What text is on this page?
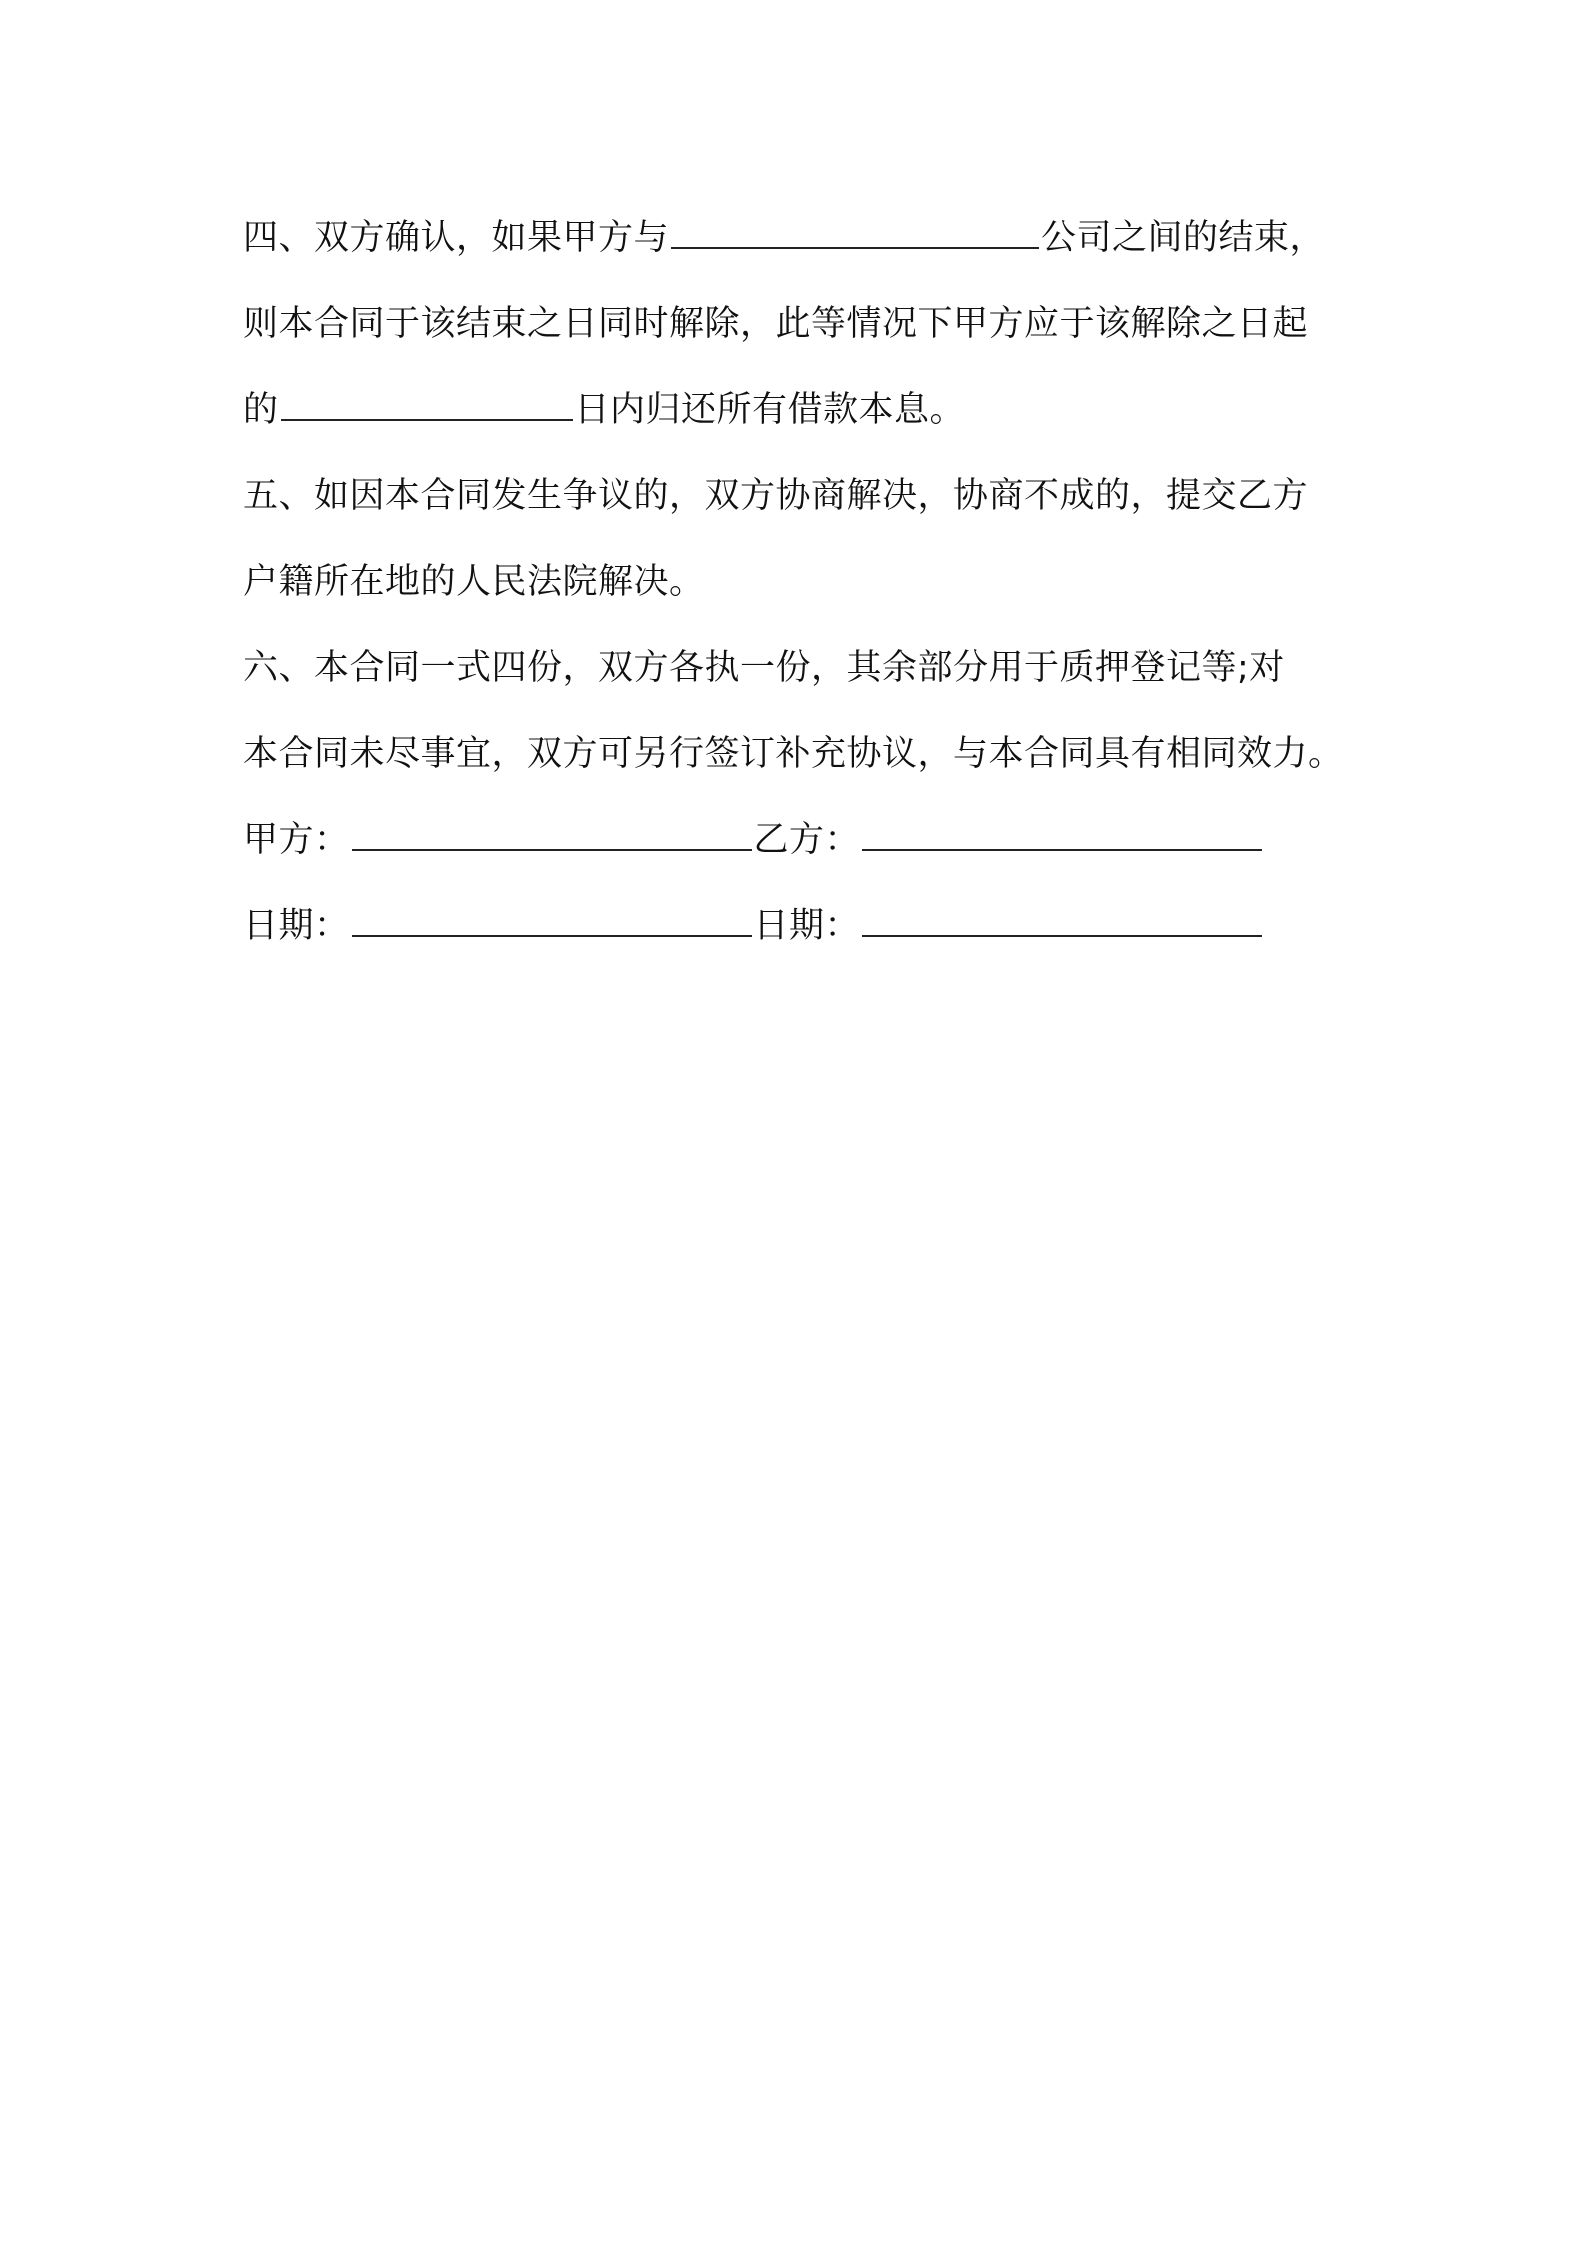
四、双方确认，如果甲方与	公司之间的结束，
则本合同于该结束之日同时解除，此等情况下甲方应于该解除之日起
的	日内归还所有借款本息。
五、如因本合同发生争议的，双方协商解决，协商不成的，提交乙方
户籍所在地的人民法院解决。
六、本合同一式四份，双方各执一份，其余部分用于质押登记等;对
本合同未尽事宜，双方可另行签订补充协议，与本合同具有相同效力。
甲方：	乙方：
日期：	日期：
